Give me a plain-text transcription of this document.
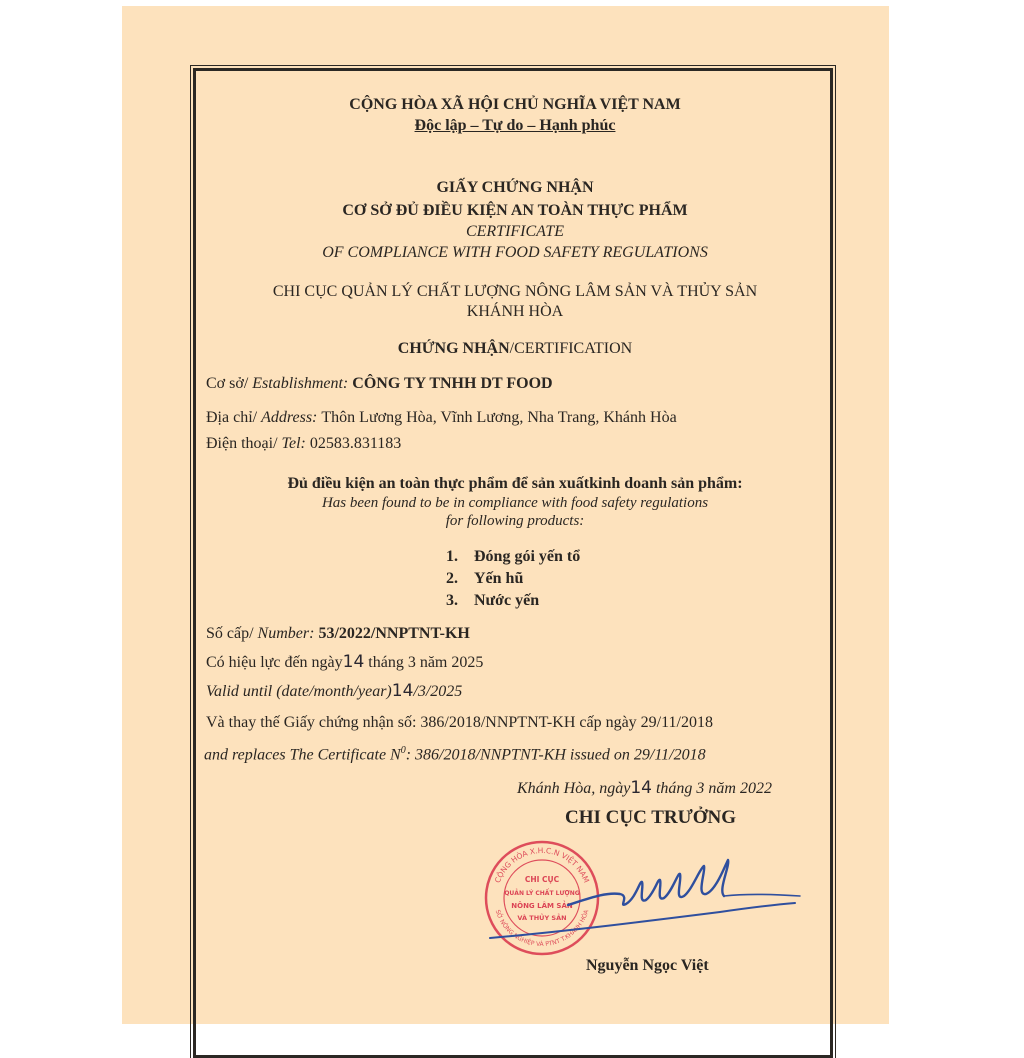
CỘNG HÒA XÃ HỘI CHỦ NGHĨA VIỆT NAM
Độc lập – Tự do – Hạnh phúc
GIẤY CHỨNG NHẬN
CƠ SỞ ĐỦ ĐIỀU KIỆN AN TOÀN THỰC PHẨM
CERTIFICATE
OF COMPLIANCE WITH FOOD SAFETY REGULATIONS
CHI CỤC QUẢN LÝ CHẤT LƯỢNG NÔNG LÂM SẢN VÀ THỦY SẢN
KHÁNH HÒA
CHỨNG NHẬN/CERTIFICATION
Cơ sở/ Establishment: CÔNG TY TNHH DT FOOD
Địa chỉ/ Address: Thôn Lương Hòa, Vĩnh Lương, Nha Trang, Khánh Hòa
Điện thoại/ Tel: 02583.831183
Đủ điều kiện an toàn thực phẩm để sản xuấtkinh doanh sản phẩm:
Has been found to be in compliance with food safety regulations
for following products:
1. Đóng gói yến tổ
2. Yến hũ
3. Nước yến
Số cấp/ Number: 53/2022/NNPTNT-KH
Có hiệu lực đến ngày14 tháng 3 năm 2025
Valid until (date/month/year)14/3/2025
Và thay thế Giấy chứng nhận số: 386/2018/NNPTNT-KH cấp ngày 29/11/2018
and replaces The Certificate $N^0$: 386/2018/NNPTNT-KH issued on 29/11/2018
Khánh Hòa, ngày14 tháng 3 năm 2022
CHI CỤC TRƯỞNG
CỘNG HÒA X.H.C.N VIỆT NAM
SỞ NÔNG NGHIỆP VÀ PTNT T.KHÁNH HÒA
CHI CỤC
QUẢN LÝ CHẤT LƯỢNG
NÔNG LÂM SẢN
VÀ THỦY SẢN
Nguyễn Ngọc Việt
